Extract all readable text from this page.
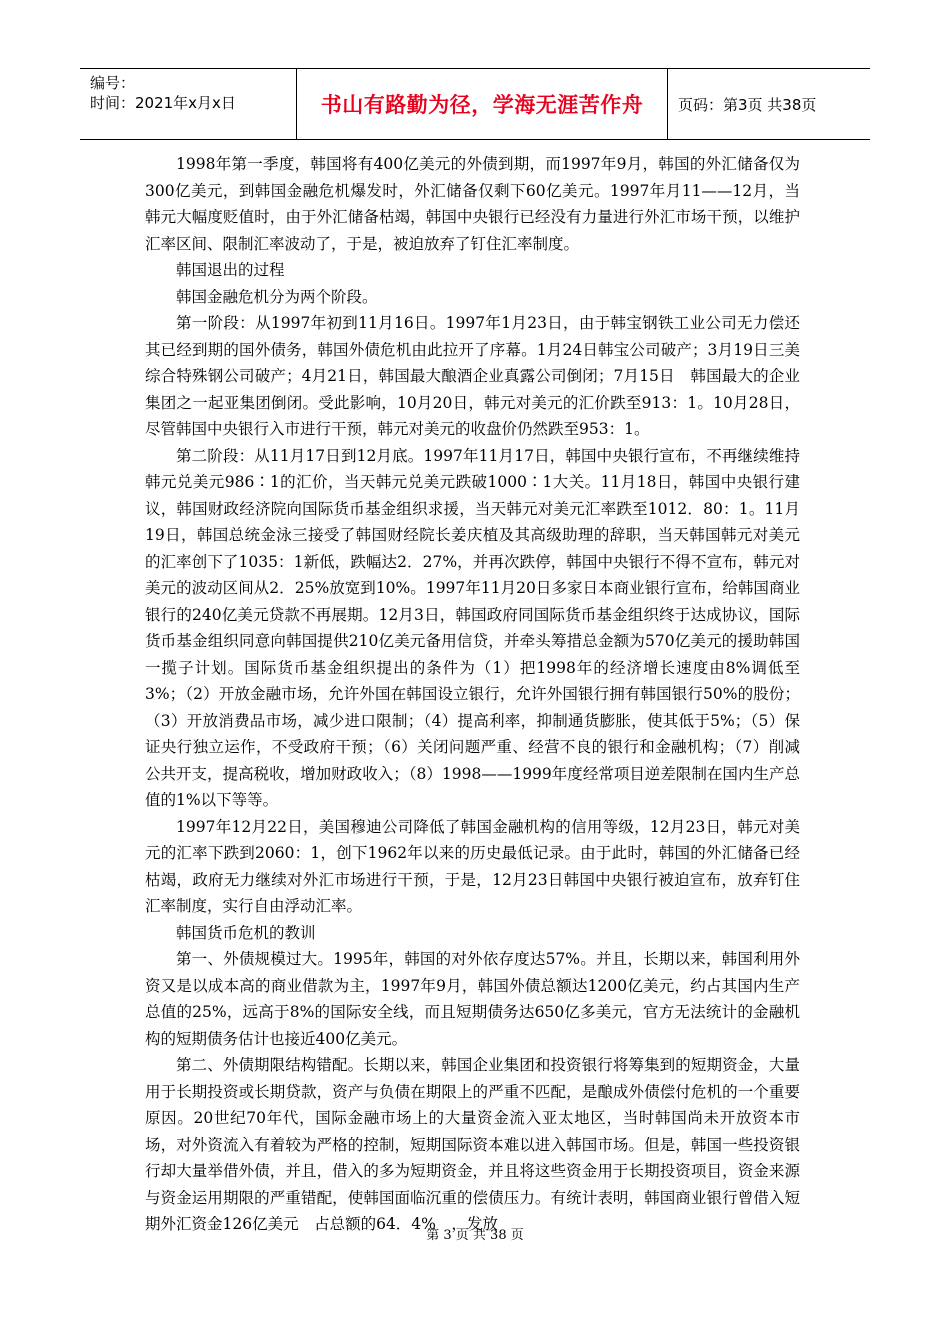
编号：
时间：2021年x月x日	书山有路勤为径，学海无涯苦作舟 页码：第3页 共38页

1998年第一季度，韩国将有400亿美元的外债到期，而1997年9月，韩国的外汇储备仅为300亿美元，到韩国金融危机爆发时，外汇储备仅剩下60亿美元。1997年月11——12月，当韩元大幅度贬值时，由于外汇储备枯竭，韩国中央银行已经没有力量进行外汇市场干预，以维护汇率区间、限制汇率波动了，于是，被迫放弃了钉住汇率制度。

韩国退出的过程

韩国金融危机分为两个阶段。

第一阶段：从1997年初到11月16日。1997年1月23日，由于韩宝钢铁工业公司无力偿还其已经到期的国外债务，韩国外债危机由此拉开了序幕。1月24日韩宝公司破产；3月19日三美综合特殊钢公司破产；4月21日，韩国最大酿酒企业真露公司倒闭；7月15日　韩国最大的企业集团之一起亚集团倒闭。受此影响，10月20日，韩元对美元的汇价跌至913：1。10月28日，尽管韩国中央银行入市进行干预，韩元对美元的收盘价仍然跌至953：1。

第二阶段：从11月17日到12月底。1997年11月17日，韩国中央银行宣布，不再继续维持韩元兑美元986∶1的汇价，当天韩元兑美元跌破1000∶1大关。11月18日，韩国中央银行建议，韩国财政经济院向国际货币基金组织求援，当天韩元对美元汇率跌至1012．80：1。11月19日，韩国总统金泳三接受了韩国财经院长姜庆植及其高级助理的辞职，当天韩国韩元对美元的汇率创下了1035：1新低，跌幅达2．27%，并再次跌停，韩国中央银行不得不宣布，韩元对美元的波动区间从2．25%放宽到10%。1997年11月20日多家日本商业银行宣布，给韩国商业银行的240亿美元贷款不再展期。12月3日，韩国政府同国际货币基金组织终于达成协议，国际货币基金组织同意向韩国提供210亿美元备用信贷，并牵头筹措总金额为570亿美元的援助韩国一揽子计划。国际货币基金组织提出的条件为（1）把1998年的经济增长速度由8%调低至3%；（2）开放金融市场，允许外国在韩国设立银行，允许外国银行拥有韩国银行50%的股份；（3）开放消费品市场，减少进口限制；（4）提高利率，抑制通货膨胀，使其低于5%；（5）保证央行独立运作，不受政府干预；（6）关闭问题严重、经营不良的银行和金融机构；（7）削减公共开支，提高税收，增加财政收入；（8）1998——1999年度经常项目逆差限制在国内生产总值的1%以下等等。

1997年12月22日，美国穆迪公司降低了韩国金融机构的信用等级，12月23日，韩元对美元的汇率下跌到2060：1，创下1962年以来的历史最低记录。由于此时，韩国的外汇储备已经枯竭，政府无力继续对外汇市场进行干预，于是，12月23日韩国中央银行被迫宣布，放弃钉住汇率制度，实行自由浮动汇率。

韩国货币危机的教训

第一、外债规模过大。1995年，韩国的对外依存度达57%。并且，长期以来，韩国利用外资又是以成本高的商业借款为主，1997年9月，韩国外债总额达1200亿美元，约占其国内生产总值的25%，远高于8%的国际安全线，而且短期债务达650亿多美元，官方无法统计的金融机构的短期债务估计也接近400亿美元。

第二、外债期限结构错配。长期以来，韩国企业集团和投资银行将筹集到的短期资金，大量用于长期投资或长期贷款，资产与负债在期限上的严重不匹配，是酿成外债偿付危机的一个重要原因。20世纪70年代，国际金融市场上的大量资金流入亚太地区，当时韩国尚未开放资本市场，对外资流入有着较为严格的控制，短期国际资本难以进入韩国市场。但是，韩国一些投资银行却大量举借外债，并且，借入的多为短期资金，并且将这些资金用于长期投资项目，资金来源与资金运用期限的严重错配，使韩国面临沉重的偿债压力。有统计表明，韩国商业银行曾借入短期外汇资金126亿美元　占总额的64．4%　，发放

第 3 页 共 38 页
